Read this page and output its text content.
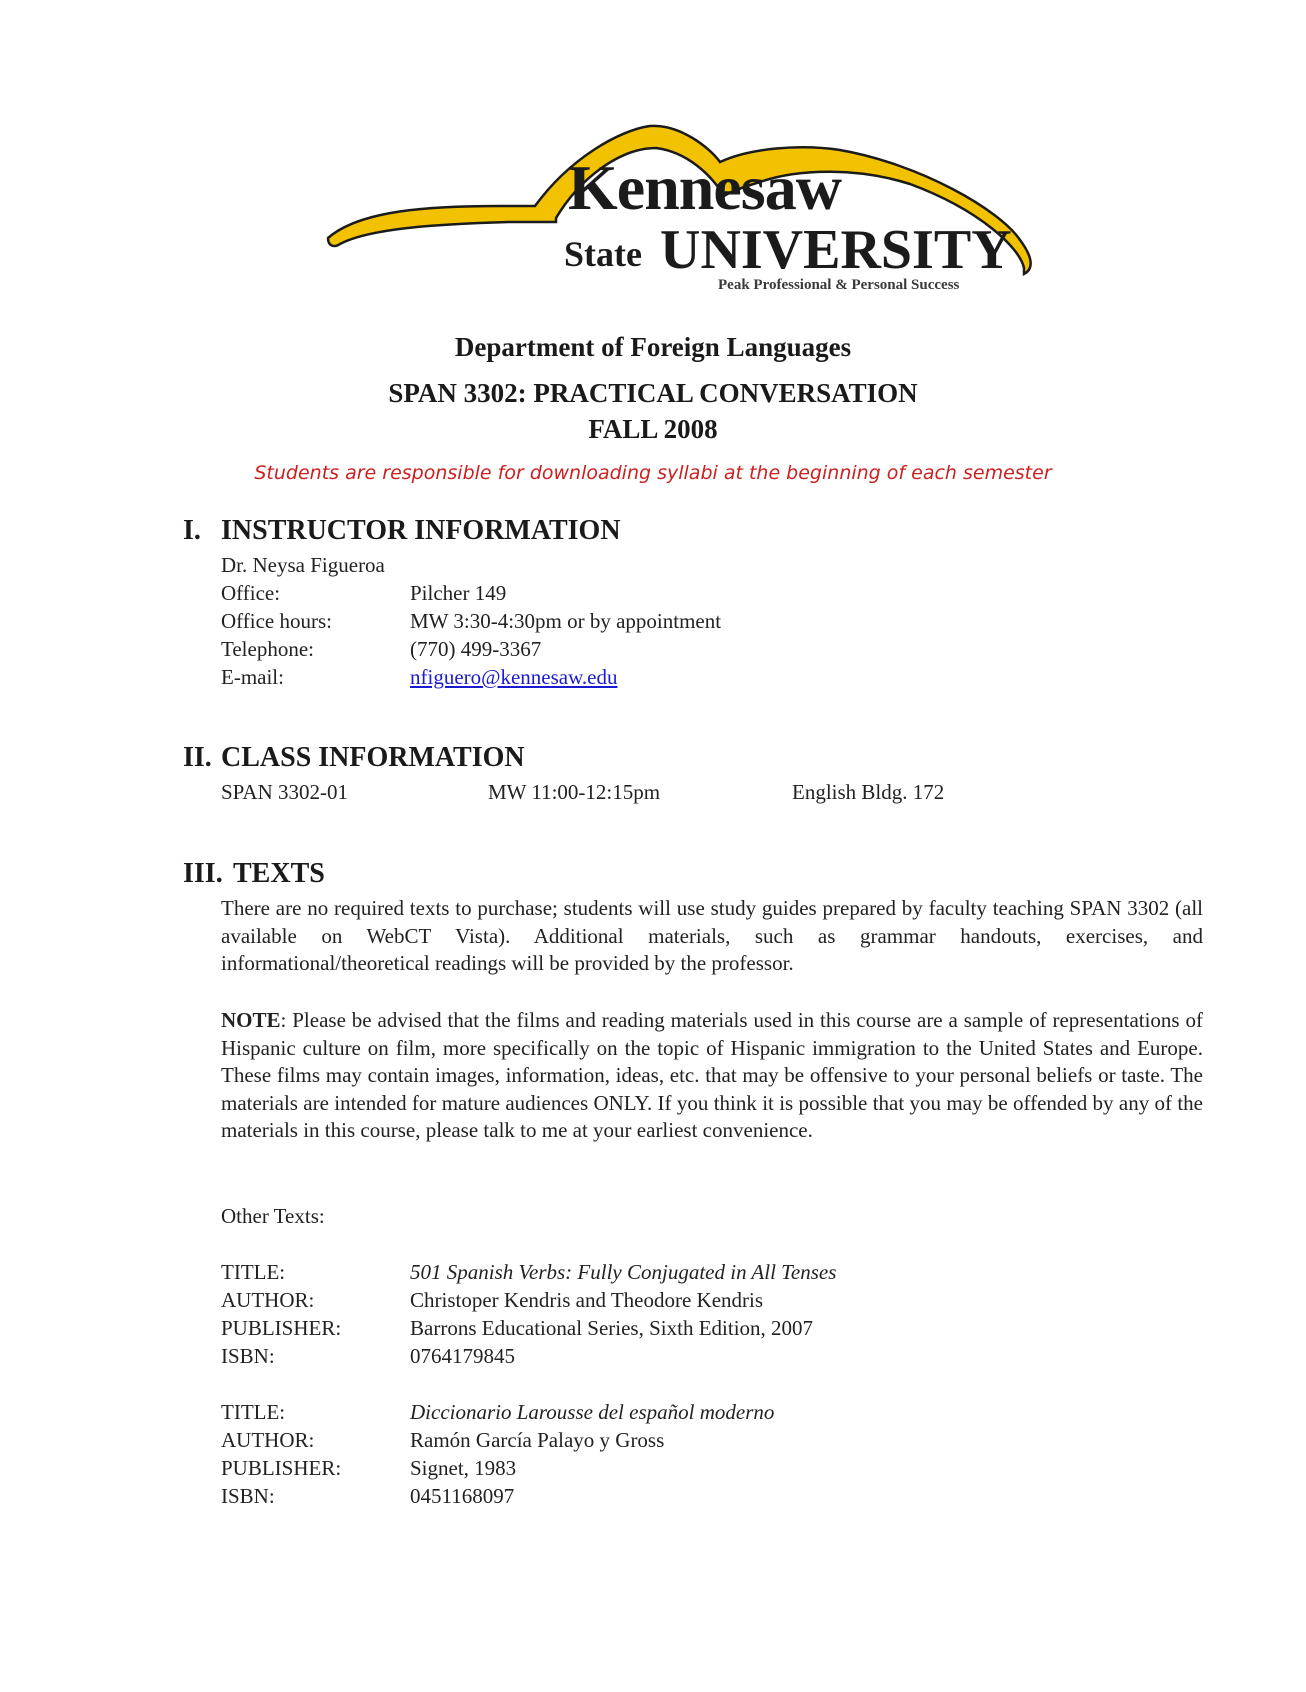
Kennesaw
State UNIVERSITY
Peak Professional & Personal Success
Department of Foreign Languages
SPAN 3302: PRACTICAL CONVERSATION
FALL 2008
Students are responsible for downloading syllabi at the beginning of each semester
I. INSTRUCTOR INFORMATION
Dr. Neysa Figueroa
Office:	Pilcher 149
Office hours:	MW 3:30-4:30pm or by appointment
Telephone:	(770) 499-3367
E-mail:	nfiguero@kennesaw.edu
II. CLASS INFORMATION
SPAN 3302-01	MW 11:00-12:15pm	English Bldg. 172
III. TEXTS
There are no required texts to purchase; students will use study guides prepared by faculty teaching SPAN 3302 (all available on WebCT Vista). Additional materials, such as grammar handouts, exercises, and informational/theoretical readings will be provided by the professor.
NOTE: Please be advised that the films and reading materials used in this course are a sample of representations of Hispanic culture on film, more specifically on the topic of Hispanic immigration to the United States and Europe. These films may contain images, information, ideas, etc. that may be offensive to your personal beliefs or taste. The materials are intended for mature audiences ONLY. If you think it is possible that you may be offended by any of the materials in this course, please talk to me at your earliest convenience.
Other Texts:
TITLE:	501 Spanish Verbs: Fully Conjugated in All Tenses
AUTHOR:	Christoper Kendris and Theodore Kendris
PUBLISHER:	Barrons Educational Series, Sixth Edition, 2007
ISBN:	0764179845
TITLE:	Diccionario Larousse del español moderno
AUTHOR:	Ramón García Palayo y Gross
PUBLISHER:	Signet, 1983
ISBN:	0451168097
